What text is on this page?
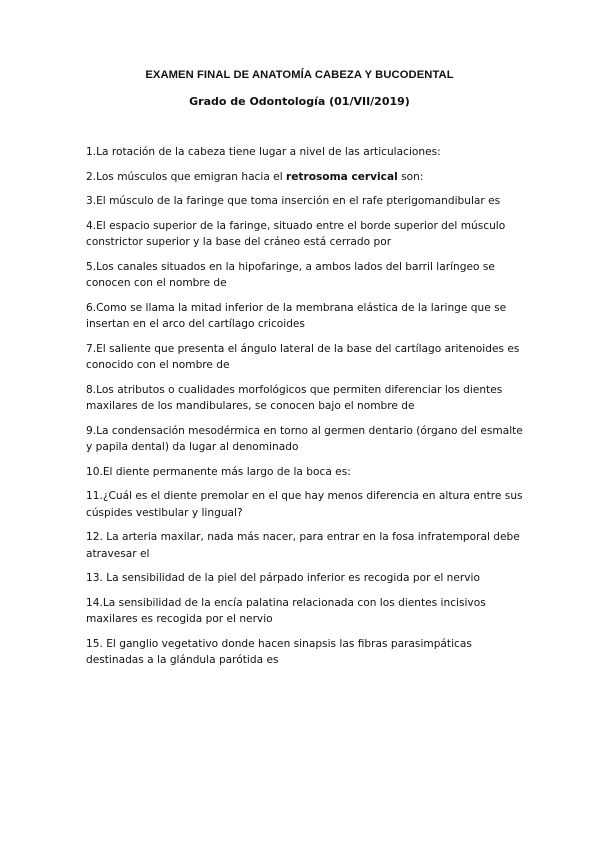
EXAMEN FINAL DE ANATOMÍA CABEZA Y BUCODENTAL
Grado de Odontología (01/VII/2019)

1.La rotación de la cabeza tiene lugar a nivel de las articulaciones:

2.Los músculos que emigran hacia el retrosoma cervical son:

3.El músculo de la faringe que toma inserción en el rafe pterigomandibular es

4.El espacio superior de la faringe, situado entre el borde superior del músculo constrictor superior y la base del cráneo está cerrado por

5.Los canales situados en la hipofaringe, a ambos lados del barril laríngeo se conocen con el nombre de

6.Como se llama la mitad inferior de la membrana elástica de la laringe que se insertan en el arco del cartílago cricoides

7.El saliente que presenta el ángulo lateral de la base del cartílago aritenoides es conocido con el nombre de

8.Los atributos o cualidades morfológicos que permiten diferenciar los dientes maxilares de los mandibulares, se conocen bajo el nombre de

9.La condensación mesodérmica en torno al germen dentario (órgano del esmalte y papila dental) da lugar al denominado

10.El diente permanente más largo de la boca es:

11.¿Cuál es el diente premolar en el que hay menos diferencia en altura entre sus cúspides vestibular y lingual?

12. La arteria maxilar, nada más nacer, para entrar en la fosa infratemporal debe atravesar el

13. La sensibilidad de la piel del párpado inferior es recogida por el nervio

14.La sensibilidad de la encía palatina relacionada con los dientes incisivos maxilares es recogida por el nervio

15. El ganglio vegetativo donde hacen sinapsis las fibras parasimpáticas destinadas a la glándula parótida es
